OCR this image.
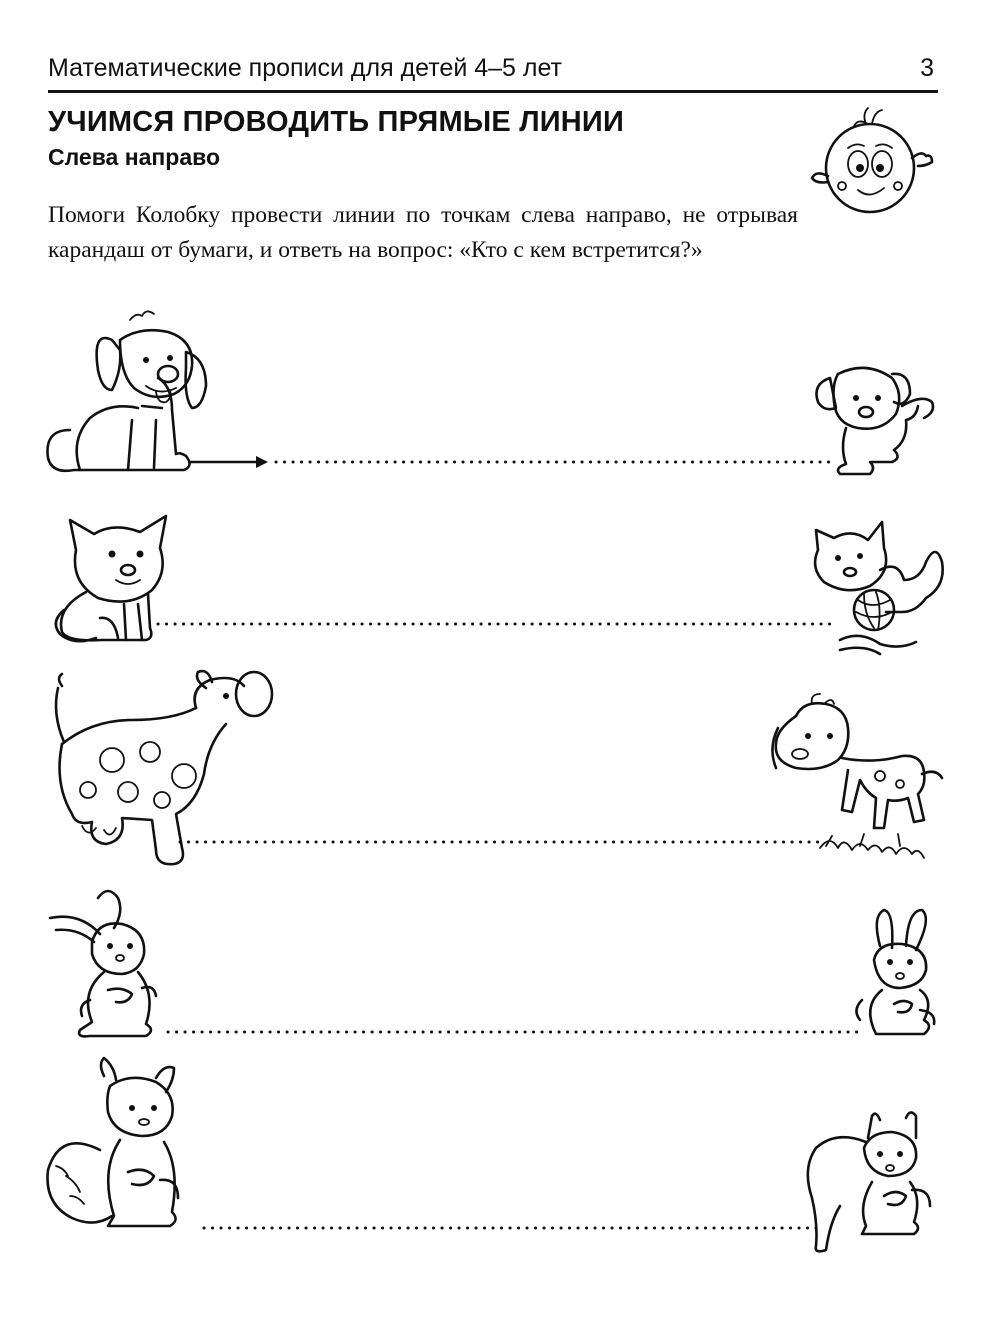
Математические прописи для детей 4–5 лет	3
УЧИМСЯ ПРОВОДИТЬ ПРЯМЫЕ ЛИНИИ
Слева направо
Помоги Колобку провести линии по точкам слева направо, не отрывая карандаш от бумаги, и ответь на вопрос: «Кто с кем встретится?»
